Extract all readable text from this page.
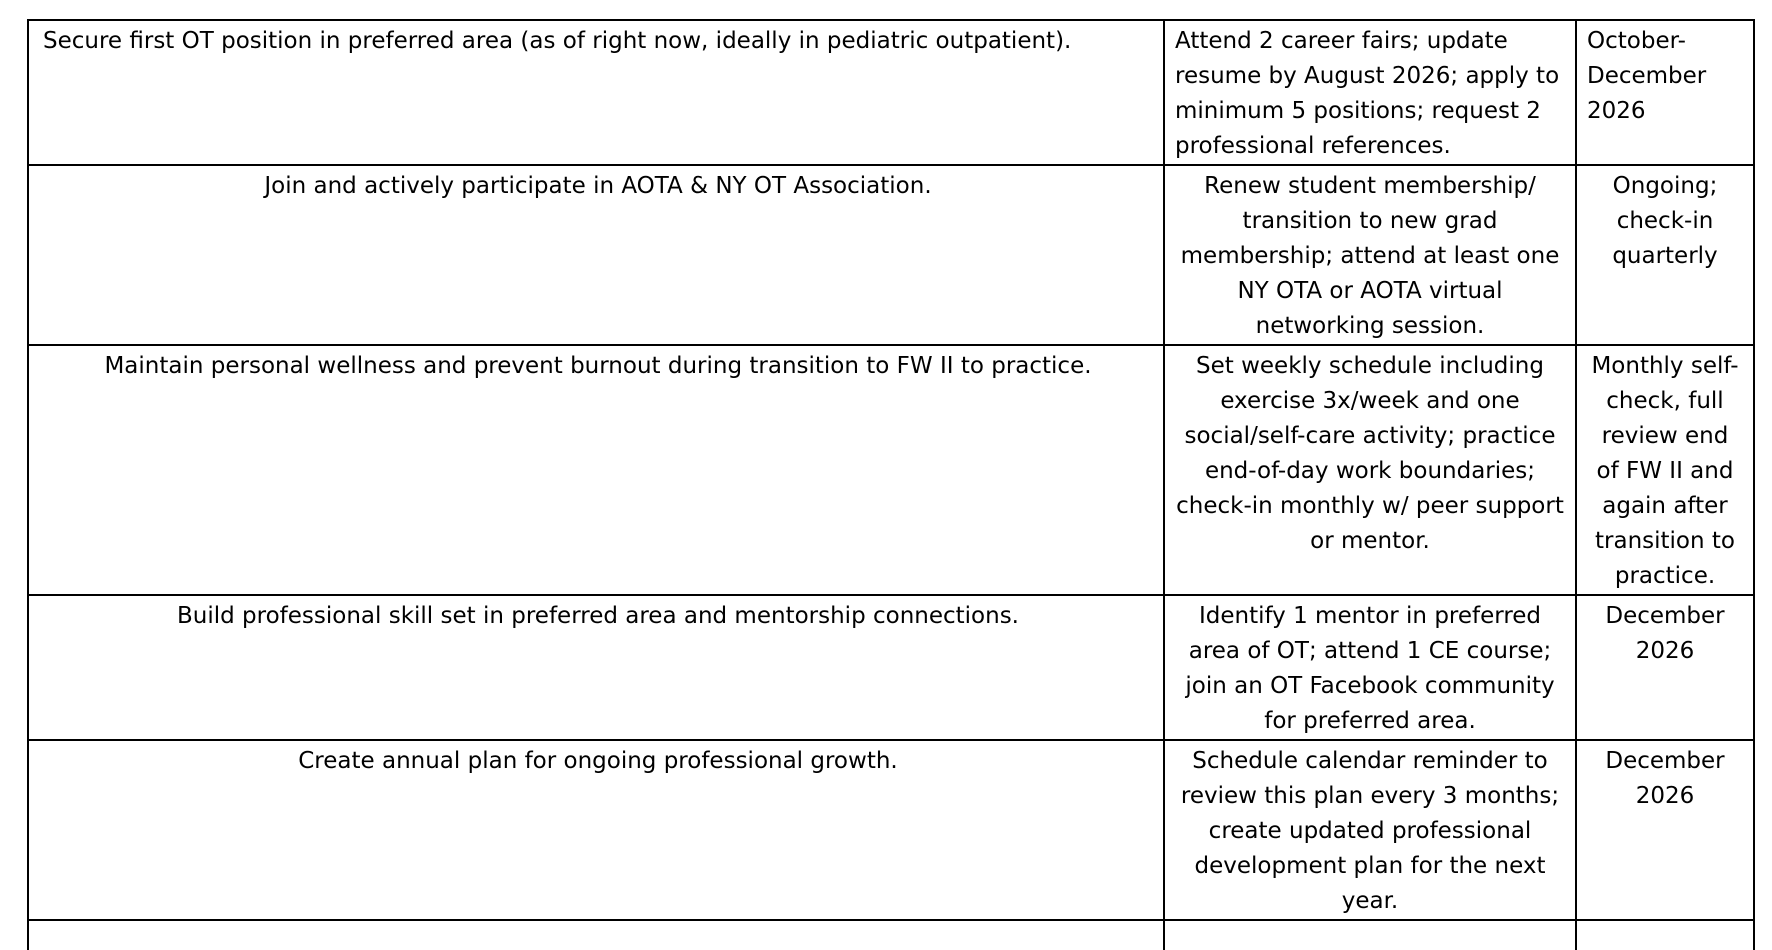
Secure first OT position in preferred area (as of right now, ideally in pediatric outpatient).	Attend 2 career fairs; update resume by August 2026; apply to minimum 5 positions; request 2 professional references.	October-December 2026
Join and actively participate in AOTA & NY OT Association.	Renew student membership/ transition to new grad membership; attend at least one NY OTA or AOTA virtual networking session.	Ongoing; check-in quarterly
Maintain personal wellness and prevent burnout during transition to FW II to practice.	Set weekly schedule including exercise 3x/week and one social/self-care activity; practice end-of-day work boundaries; check-in monthly w/ peer support or mentor.	Monthly self-check, full review end of FW II and again after transition to practice.
Build professional skill set in preferred area and mentorship connections.	Identify 1 mentor in preferred area of OT; attend 1 CE course; join an OT Facebook community for preferred area.	December 2026
Create annual plan for ongoing professional growth.	Schedule calendar reminder to review this plan every 3 months; create updated professional development plan for the next year.	December 2026
